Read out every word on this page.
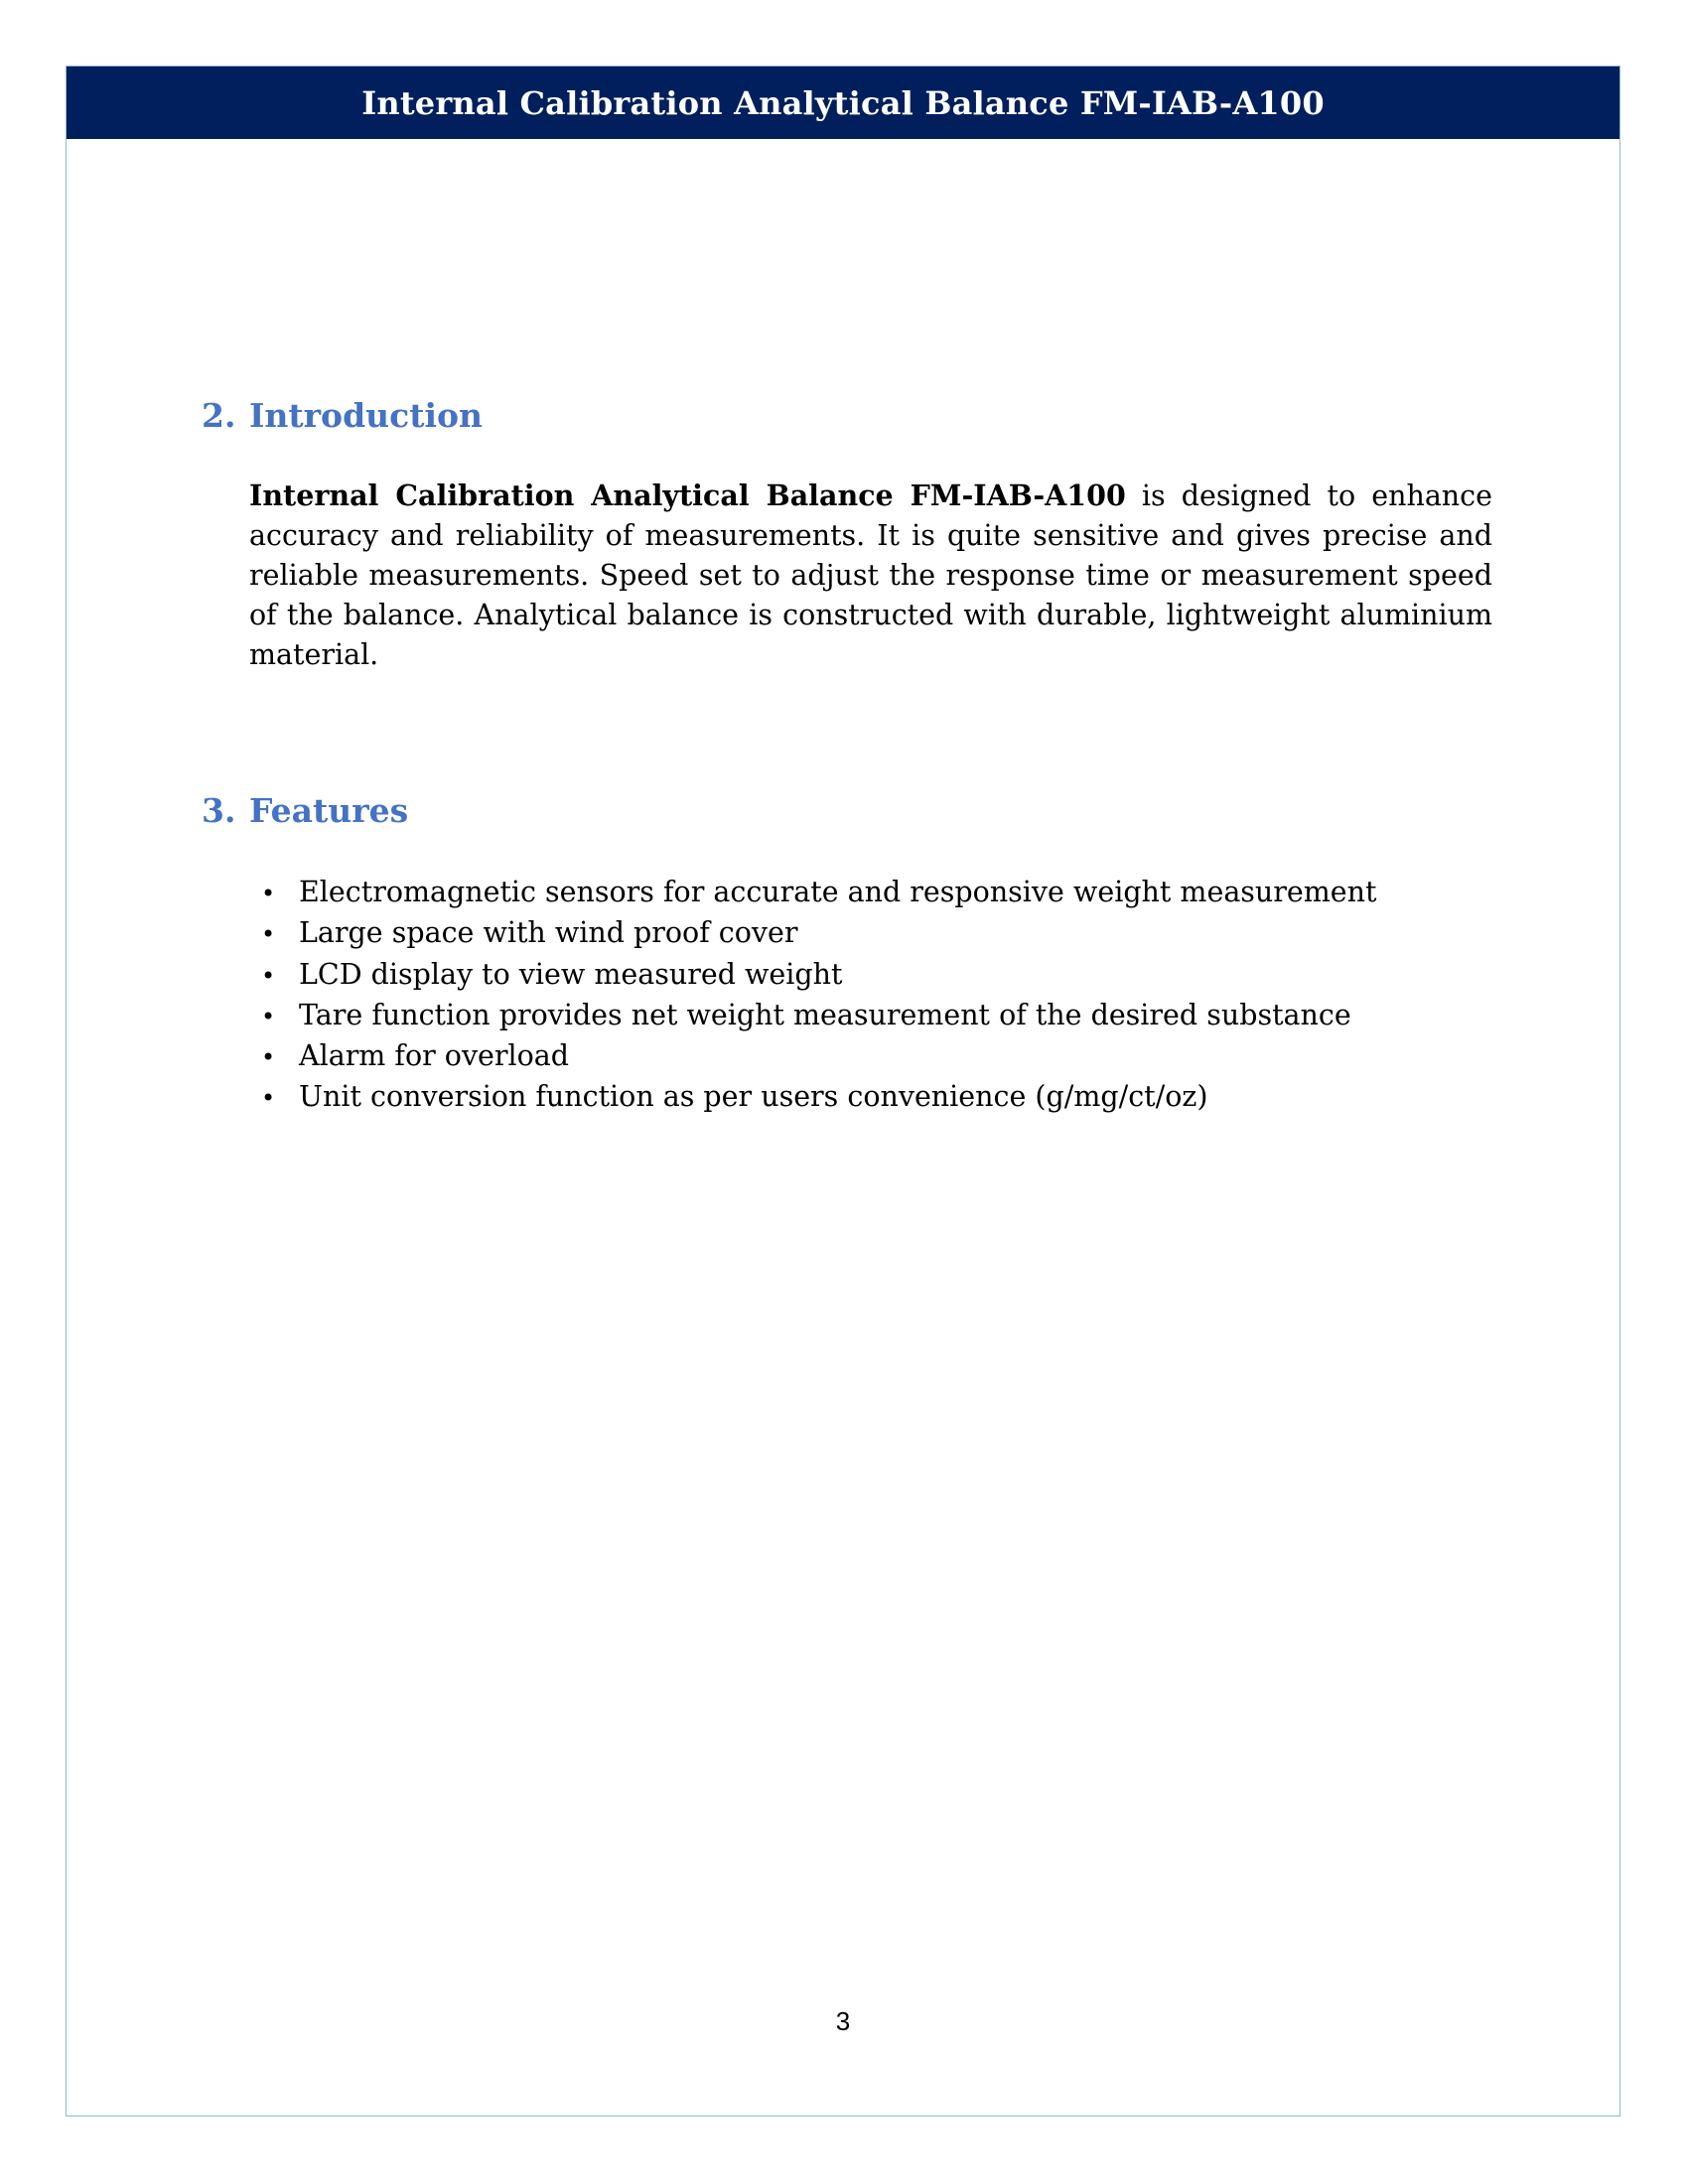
Internal Calibration Analytical Balance FM-IAB-A100
2. Introduction

Internal Calibration Analytical Balance FM-IAB-A100 is designed to enhance accuracy and reliability of measurements. It is quite sensitive and gives precise and reliable measurements. Speed set to adjust the response time or measurement speed of the balance. Analytical balance is constructed with durable, lightweight aluminium material.

3. Features
• Electromagnetic sensors for accurate and responsive weight measurement
• Large space with wind proof cover
• LCD display to view measured weight
• Tare function provides net weight measurement of the desired substance
• Alarm for overload
• Unit conversion function as per users convenience (g/mg/ct/oz)
3
